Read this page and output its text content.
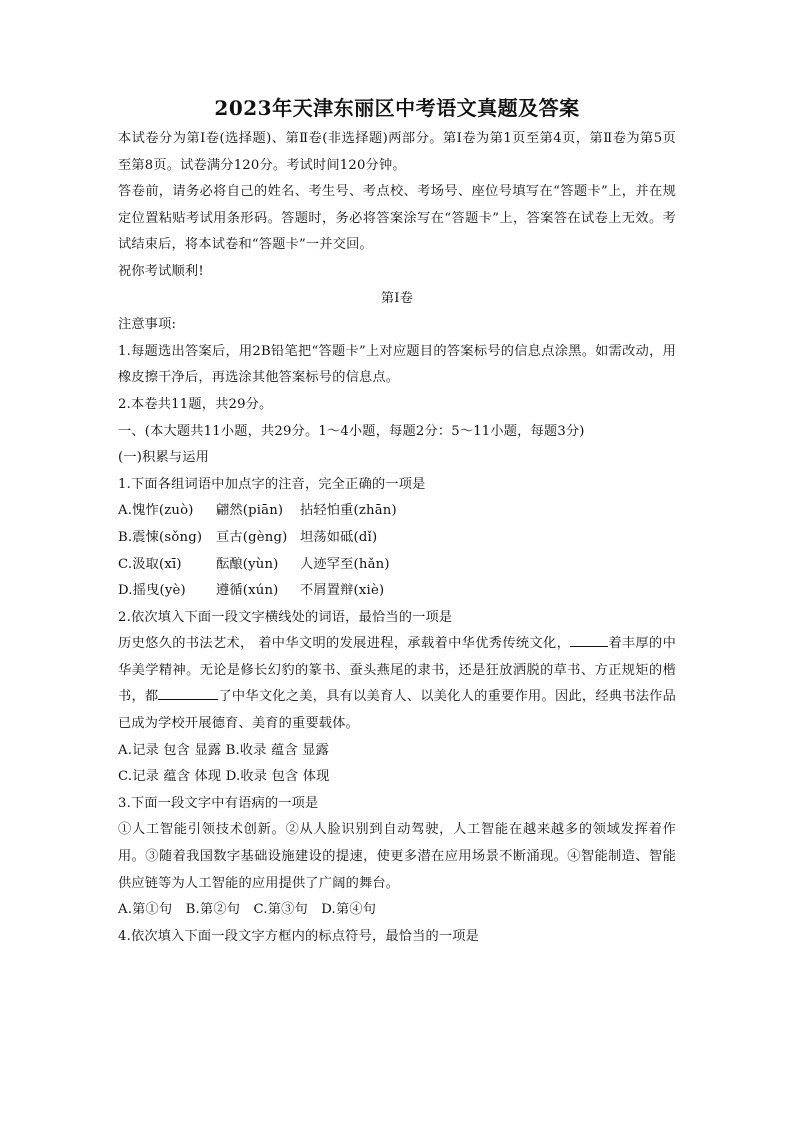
2023年天津东丽区中考语文真题及答案

本试卷分为第Ⅰ卷(选择题)、第Ⅱ卷(非选择题)两部分。第Ⅰ卷为第1页至第4页，第Ⅱ卷为第5页至第8页。试卷满分120分。考试时间120分钟。

答卷前，请务必将自己的姓名、考生号、考点校、考场号、座位号填写在“答题卡”上，并在规定位置粘贴考试用条形码。答题时，务必将答案涂写在“答题卡”上，答案答在试卷上无效。考试结束后，将本试卷和“答题卡”一并交回。

祝你考试顺利!

第Ⅰ卷

注意事项:

1.每题选出答案后，用2B铅笔把“答题卡”上对应题目的答案标号的信息点涂黑。如需改动，用橡皮擦干净后，再选涂其他答案标号的信息点。

2.本卷共11题，共29分。

一、(本大题共11小题，共29分。1～4小题，每题2分：5～11小题，每题3分)

(一)积累与运用

1.下面各组词语中加点字的注音，完全正确的一项是

A.愧怍(zuò) 翩然(piān) 拈轻怕重(zhān)

B.震悚(sǒng) 亘古(gèng) 坦荡如砥(dǐ)

C.汲取(xī)	酝酿(yùn) 人迹罕至(hǎn)

D.摇曳(yè) 遵循(xún) 不屑置辩(xiè)

2.依次填入下面一段文字横线处的词语，最恰当的一项是

历史悠久的书法艺术， 着中华文明的发展进程，承载着中华优秀传统文化，	着丰厚的中华美学精神。无论是修长幻豹的篆书、蚕头燕尾的隶书，还是狂放洒脱的草书、方正规矩的楷书，都	了中华文化之美，具有以美育人、以美化人的重要作用。因此，经典书法作品已成为学校开展德育、美育的重要载体。

A.记录 包含 显露 B.收录 蕴含 显露

C.记录 蕴含 体现 D.收录 包含 体现

3.下面一段文字中有语病的一项是

①人工智能引领技术创新。②从人脸识别到自动驾驶，人工智能在越来越多的领域发挥着作用。③随着我国数字基础设施建设的提速，使更多潜在应用场景不断涌现。④智能制造、智能供应链等为人工智能的应用提供了广阔的舞台。

A.第①句　B.第②句　C.第③句　D.第④句

4.依次填入下面一段文字方框内的标点符号，最恰当的一项是
